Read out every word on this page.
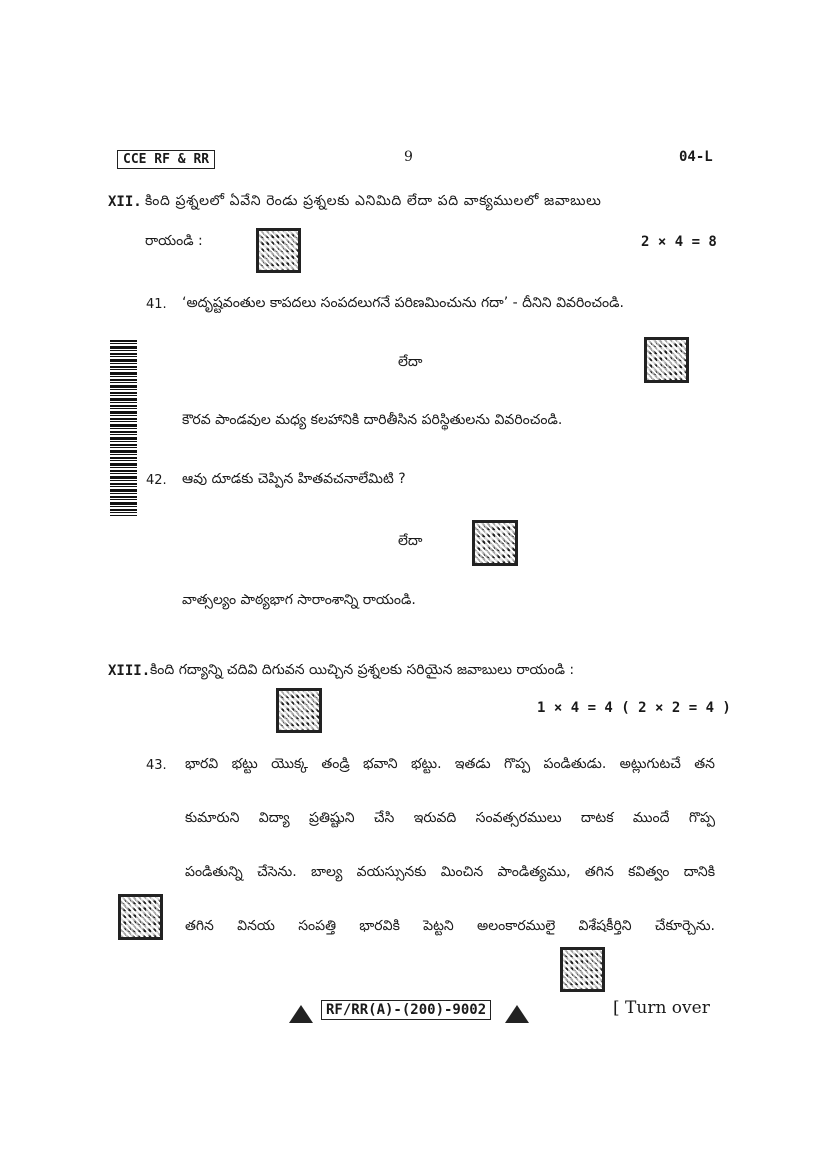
CCE RF & RR	9	04-L
XII. కింది ప్రశ్నలలో ఏవేని రెండు ప్రశ్నలకు ఎనిమిది లేదా పది వాక్యములలో జవాబులు
రాయండి :	2 × 4 = 8
41. ‘అదృష్టవంతుల కాపదలు సంపదలుగనే పరిణమించును గదా’ - దీనిని వివరించండి.
లేదా
కౌరవ పాండవుల మధ్య కలహానికి దారితీసిన పరిస్థితులను వివరించండి.
42. ఆవు దూడకు చెప్పిన హితవచనాలేమిటి ?
లేదా
వాత్సల్యం పాఠ్యభాగ సారాంశాన్ని రాయండి.
XIII. కింది గద్యాన్ని చదివి దిగువన యిచ్చిన ప్రశ్నలకు సరియైన జవాబులు రాయండి :
1 × 4 = 4 ( 2 × 2 = 4 )
43. భారవి భట్టు యొక్క తండ్రి భవాని భట్టు. ఇతడు గొప్ప పండితుడు. అట్లుగుటచే తన
కుమారుని విద్యా ప్రతిష్టుని చేసి ఇరువది సంవత్సరములు దాటక ముందే గొప్ప
పండితున్ని చేసెను. బాల్య వయస్సునకు మించిన పాండిత్యము, తగిన కవిత్వం దానికి
తగిన వినయ సంపత్తి భారవికి పెట్టని అలంకారములై విశేషకీర్తిని చేకూర్చెను.
RF/RR(A)-(200)-9002	[ Turn over
